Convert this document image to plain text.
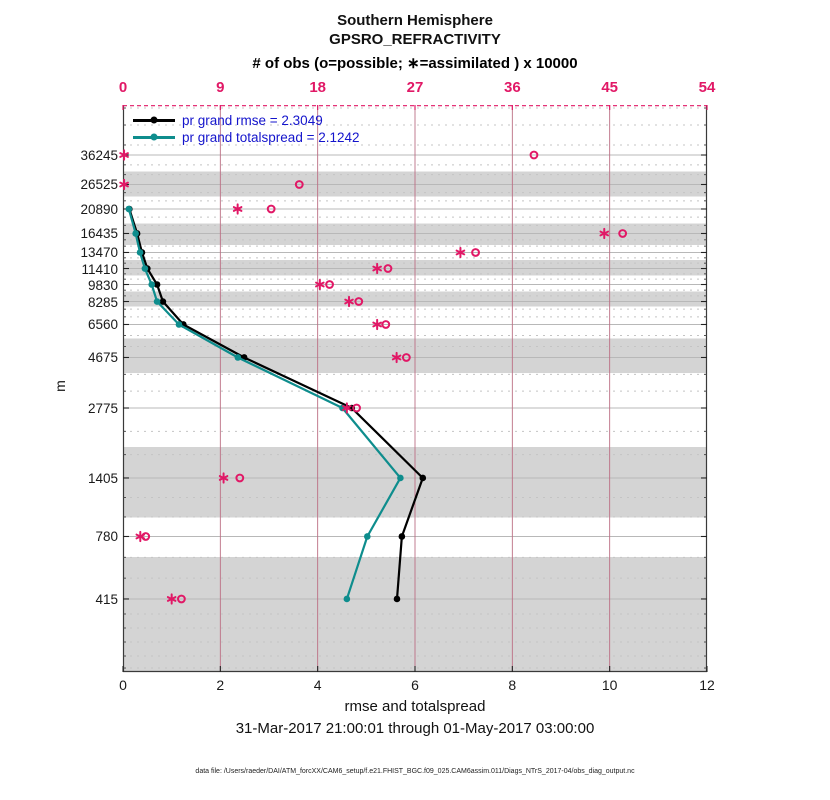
Southern Hemisphere
GPSRO_REFRACTIVITY
# of obs (o=possible; ∗=assimilated ) x 10000
m
pr grand rmse = 2.3049
pr grand totalspread = 2.1242
rmse and totalspread
31-Mar-2017 21:00:01 through 01-May-2017 03:00:00
data file: /Users/raeder/DAI/ATM_forcXX/CAM6_setup/f.e21.FHIST_BGC.f09_025.CAM6assim.011/Diags_NTrS_2017-04/obs_diag_output.nc
0	9	18	27	36	45	54
0	2	4	6	8	10	12
36245
26525
20890
16435
13470
11410
9830
8285
6560
4675
2775
1405
780
415
